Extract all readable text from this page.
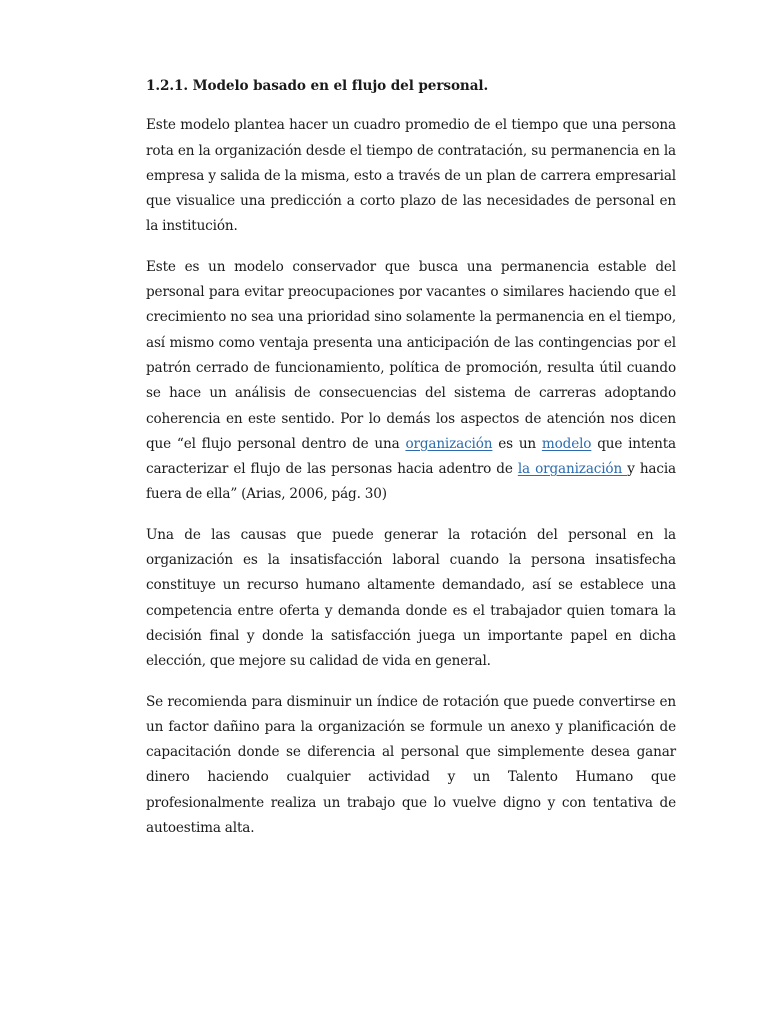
1.2.1. Modelo basado en el flujo del personal.

Este modelo plantea hacer un cuadro promedio de el tiempo que una persona rota en la organización desde el tiempo de contratación, su permanencia en la empresa y salida de la misma, esto a través de un plan de carrera empresarial que visualice una predicción a corto plazo de las necesidades de personal en la institución.

Este es un modelo conservador que busca una permanencia estable del personal para evitar preocupaciones por vacantes o similares haciendo que el crecimiento no sea una prioridad sino solamente la permanencia en el tiempo, así mismo como ventaja presenta una anticipación de las contingencias por el patrón cerrado de funcionamiento, política de promoción, resulta útil cuando se hace un análisis de consecuencias del sistema de carreras adoptando coherencia en este sentido. Por lo demás los aspectos de atención nos dicen que “el flujo personal dentro de una organización es un modelo que intenta caracterizar el flujo de las personas hacia adentro de la organización y hacia fuera de ella” (Arias, 2006, pág. 30)

Una de las causas que puede generar la rotación del personal en la organización es la insatisfacción laboral cuando la persona insatisfecha constituye un recurso humano altamente demandado, así se establece una competencia entre oferta y demanda donde es el trabajador quien tomara la decisión final y donde la satisfacción juega un importante papel en dicha elección, que mejore su calidad de vida en general.

Se recomienda para disminuir un índice de rotación que puede convertirse en un factor dañino para la organización se formule un anexo y planificación de capacitación donde se diferencia al personal que simplemente desea ganar dinero haciendo cualquier actividad y un Talento Humano que profesionalmente realiza un trabajo que lo vuelve digno y con tentativa de autoestima alta.
